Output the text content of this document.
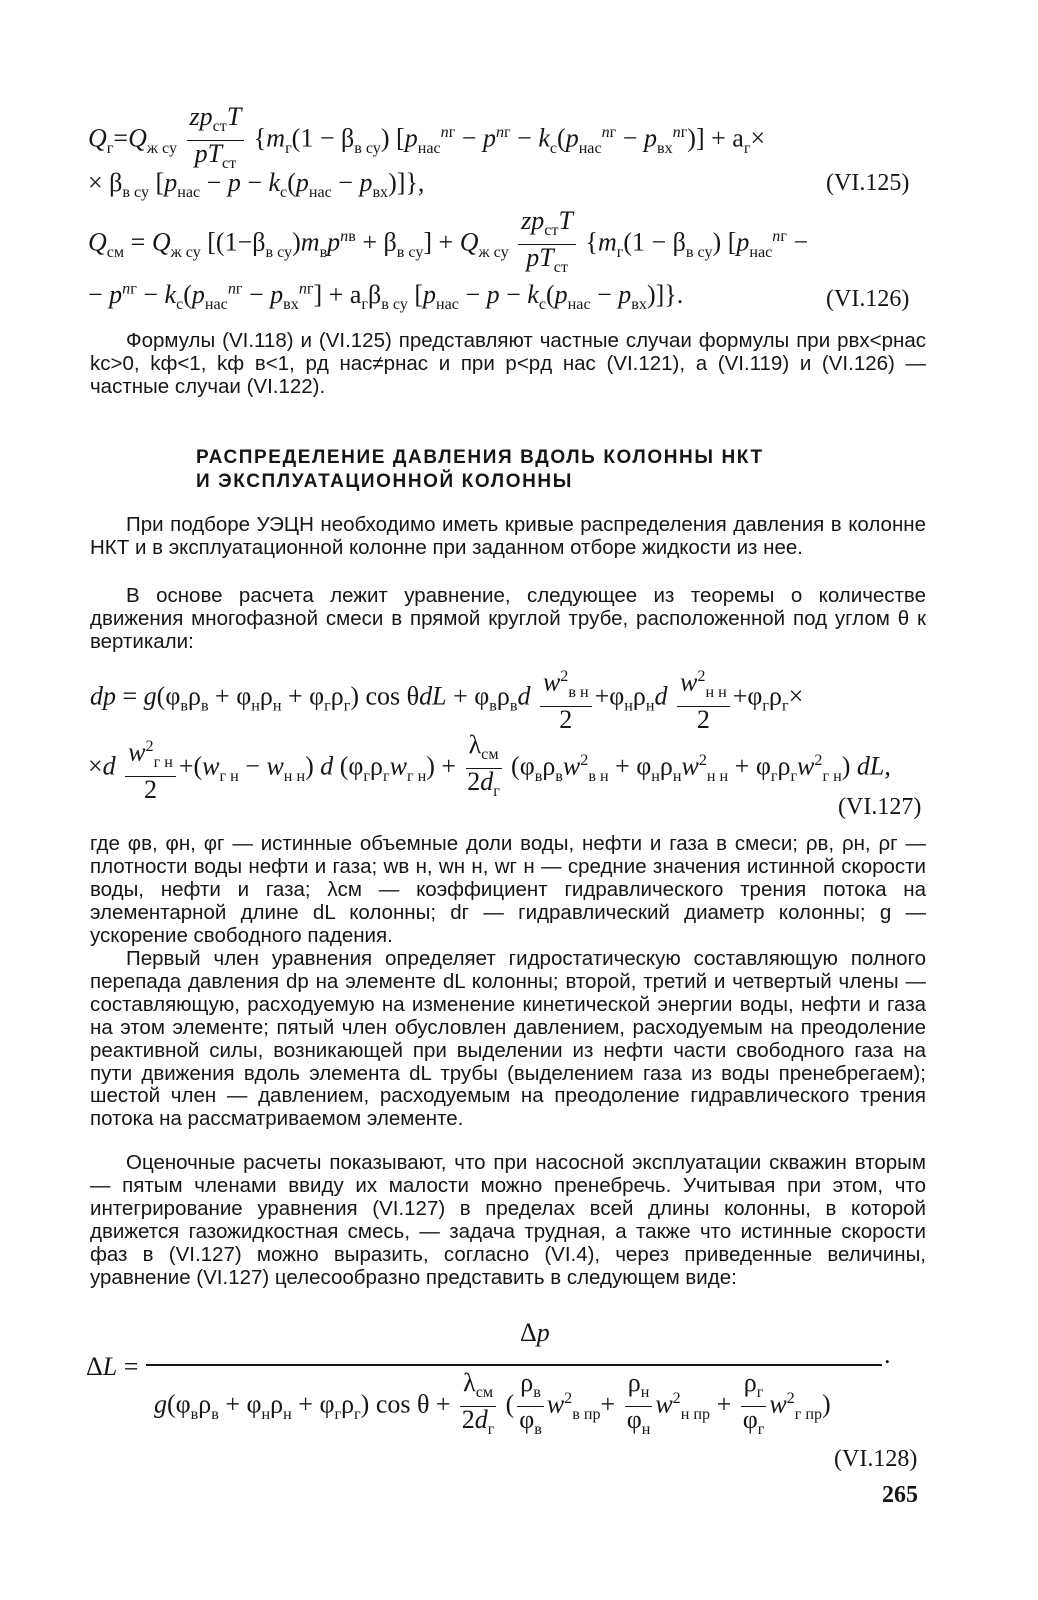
$Q_г=Q_{ж су} \frac{zp_{ст}T}{pT_{ст}} \{m_г(1 - \beta_{в су}) [p_{нас}^{nг} - p^{nг} - k_с(p_{нас}^{nг} - p_{вх}^{nг})] + a_г\times$
× $\beta_{в су}$ $[p_{нас} - p - k_с(p_{нас} - p_{вх})]$},	(VI.125)
$Q_{см} = Q_{ж су}$ $[(1-\beta_{в су})m_вp^{nв} + \beta_{в су}] + Q_{ж су} \frac{zp_{ст}T}{pT_{ст}} \{m_г(1 - \beta_{в су}) [p_{нас}^{nг}$ −
− $p^{nг} - k_с(p_{нас}^{nг} - p_{вх}^{nг}] + a_г\beta_{в су}$ $[p_{нас} - p - k_с(p_{нас} - p_{вх})]$}.	(VI.126)

Формулы (VI.118) и (VI.125) представляют частные случаи формулы при pвх<pнас kс>0, kф<1, kф в<1, pд нас≠pнас и при p<pд нас (VI.121), а (VI.119) и (VI.126) — частные случаи (VI.122).

РАСПРЕДЕЛЕНИЕ ДАВЛЕНИЯ ВДОЛЬ КОЛОННЫ НКТ
И ЭКСПЛУАТАЦИОННОЙ КОЛОННЫ

При подборе УЭЦН необходимо иметь кривые распределения давления в колонне НКТ и в эксплуатационной колонне при заданном отборе жидкости из нее.

В основе расчета лежит уравнение, следующее из теоремы о количестве движения многофазной смеси в прямой круглой трубе, расположенной под углом θ к вертикали:

dp = $g(\varphi_в\rho_в + \varphi_н\rho_н + \varphi_г\rho_г)$ $\cos \theta dL + \varphi_в\rho_вd \frac{w^2_{в н}}{2} +\varphi_н\rho_нd \frac{w^2_{н н}}{2} +\varphi_г\rho_г\times$
$\times d \frac{w^2_{г н}}{2} +(w_{г н} - w_{н н})$ d $(\varphi_г\rho_гw_{г н}) + \frac{\lambda_{см}}{2d_г} (\varphi_в\rho_вw^2_{в н} + \varphi_н\rho_нw^2_{н н} + \varphi_г\rho_гw^2_{г н})$ dL,
(VI.127)

где φв, φн, φг — истинные объемные доли воды, нефти и газа в смеси; ρв, ρн, ρг — плотности воды нефти и газа; wв н, wн н, wг н — средние значения истинной скорости воды, нефти и газа; λсм — коэффициент гидравлического трения потока на элементарной длине dL колонны; dг — гидравлический диаметр колонны; g — ускорение свободного падения.

Первый член уравнения определяет гидростатическую составляющую полного перепада давления dp на элементе dL колонны; второй, третий и четвертый члены — составляющую, расходуемую на изменение кинетической энергии воды, нефти и газа на этом элементе; пятый член обусловлен давлением, расходуемым на преодоление реактивной силы, возникающей при выделении из нефти части свободного газа на пути движения вдоль элемента dL трубы (выделением газа из воды пренебрегаем); шестой член — давлением, расходуемым на преодоление гидравлического трения потока на рассматриваемом элементе.

Оценочные расчеты показывают, что при насосной эксплуатации скважин вторым — пятым членами ввиду их малости можно пренебречь. Учитывая при этом, что интегрирование уравнения (VI.127) в пределах всей длины колонны, в которой движется газожидкостная смесь, — задача трудная, а также что истинные скорости фаз в (VI.127) можно выразить, согласно (VI.4), через приведенные величины, уравнение (VI.127) целесообразно представить в следующем виде:

ΔL =
Δp
.
$g(\varphi_в\rho_в + \varphi_н\rho_н + \varphi_г\rho_г)$ $\cos \theta + \frac{\lambda_{см}}{2d_г}$ ( $\frac{\rho_в}{\varphi_в} w^2_{в пр}+ \frac{\rho_н}{\varphi_н} w^2_{н пр} + \frac{\rho_г}{\varphi_г} w^2_{г пр}$)
(VI.128)
265
